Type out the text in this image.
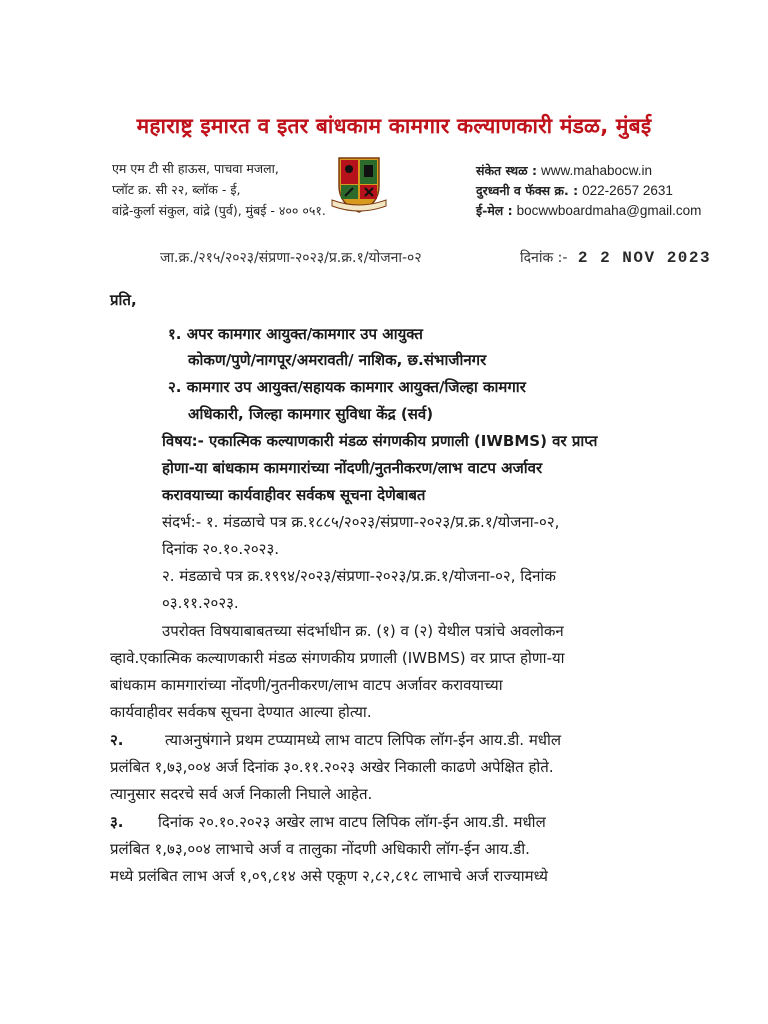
महाराष्ट्र इमारत व इतर बांधकाम कामगार कल्याणकारी मंडळ, मुंबई
एम एम टी सी हाऊस, पाचवा मजला,
प्लॉट क्र. सी २२, ब्लॉक - ई,
वांद्रे-कुर्ला संकुल, वांद्रे (पुर्व), मुंबई - ४०० ०५१.
संकेत स्थळ : www.mahabocw.in
दुरध्वनी व फॅक्स क्र. : 022-2657 2631
ई-मेल : bocwwboardmaha@gmail.com
जा.क्र./२१५/२०२३/संप्रणा-२०२३/प्र.क्र.१/योजना-०२	दिनांक :- 2 2 NOV 2023
प्रति,
१. अपर कामगार आयुक्त/कामगार उप आयुक्त
कोकण/पुणे/नागपूर/अमरावती/ नाशिक, छ.संभाजीनगर
२. कामगार उप आयुक्त/सहायक कामगार आयुक्त/जिल्हा कामगार
अधिकारी, जिल्हा कामगार सुविधा केंद्र (सर्व)
विषय:- एकात्मिक कल्याणकारी मंडळ संगणकीय प्रणाली (IWBMS) वर प्राप्त
होणा-या बांधकाम कामगारांच्या नोंदणी/नुतनीकरण/लाभ वाटप अर्जावर
करावयाच्या कार्यवाहीवर सर्वकष सूचना देणेबाबत
संदर्भ:- १. मंडळाचे पत्र क्र.१८८५/२०२३/संप्रणा-२०२३/प्र.क्र.१/योजना-०२,
दिनांक २०.१०.२०२३.
२. मंडळाचे पत्र क्र.१९९४/२०२३/संप्रणा-२०२३/प्र.क्र.१/योजना-०२, दिनांक
०३.११.२०२३.
उपरोक्त विषयाबाबतच्या संदर्भाधीन क्र. (१) व (२) येथील पत्रांचे अवलोकन
व्हावे.एकात्मिक कल्याणकारी मंडळ संगणकीय प्रणाली (IWBMS) वर प्राप्त होणा-या
बांधकाम कामगारांच्या नोंदणी/नुतनीकरण/लाभ वाटप अर्जावर करावयाच्या
कार्यवाहीवर सर्वकष सूचना देण्यात आल्या होत्या.
२.	त्याअनुषंगाने प्रथम टप्प्यामध्ये लाभ वाटप लिपिक लॉग-ईन आय.डी. मधील
प्रलंबित १,७३,००४ अर्ज दिनांक ३०.११.२०२३ अखेर निकाली काढणे अपेक्षित होते.
त्यानुसार सदरचे सर्व अर्ज निकाली निघाले आहेत.
३. दिनांक २०.१०.२०२३ अखेर लाभ वाटप लिपिक लॉग-ईन आय.डी. मधील
प्रलंबित १,७३,००४ लाभाचे अर्ज व तालुका नोंदणी अधिकारी लॉग-ईन आय.डी.
मध्ये प्रलंबित लाभ अर्ज १,०९,८१४ असे एकूण २,८२,८१८ लाभाचे अर्ज राज्यामध्ये
